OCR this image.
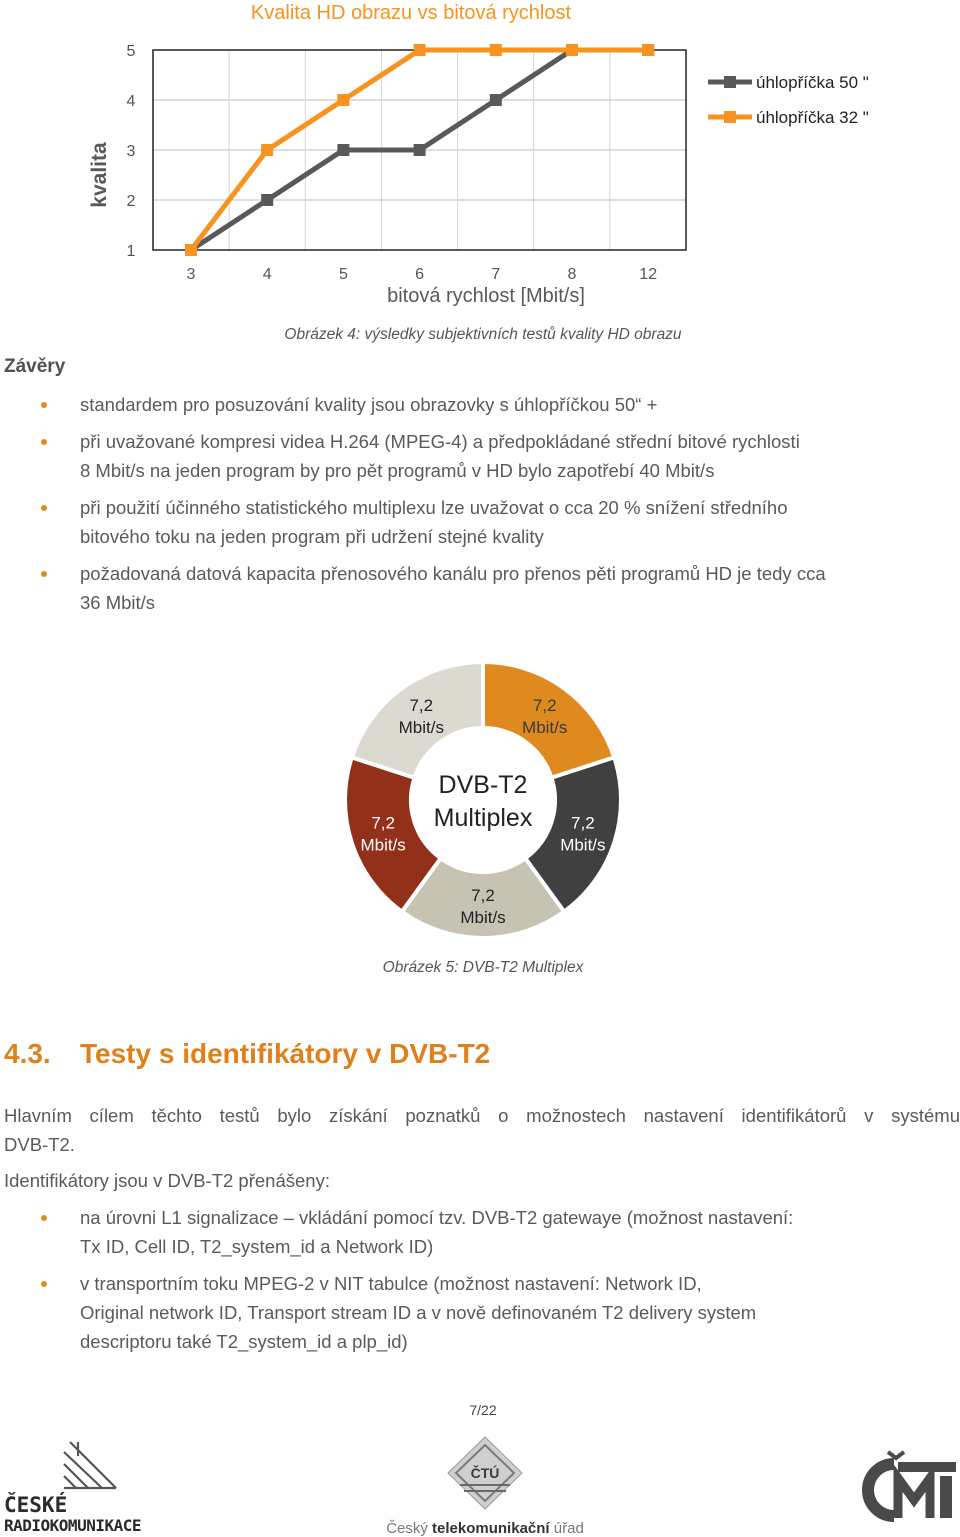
Kvalita HD obrazu vs bitová rychlost
kvalita
bitová rychlost [Mbit/s]
1
2
3
4
5
3	4	5	6	7	8	12
úhlopříčka 50 "
úhlopříčka 32 "
Obrázek 4: výsledky subjektivních testů kvality HD obrazu
Závěry
standardem pro posuzování kvality jsou obrazovky s úhlopříčkou 50“ +
při uvažované kompresi videa H.264 (MPEG-4) a předpokládané střední bitové rychlosti
8 Mbit/s na jeden program by pro pět programů v HD bylo zapotřebí 40 Mbit/s
při použití účinného statistického multiplexu lze uvažovat o cca 20 % snížení středního
bitového toku na jeden program při udržení stejné kvality
požadovaná datová kapacita přenosového kanálu pro přenos pěti programů HD je tedy cca
36 Mbit/s
7,2
Mbit/s
7,2
Mbit/s
7,2
Mbit/s
7,2
Mbit/s
7,2
Mbit/s
DVB-T2
Multiplex
Obrázek 5: DVB-T2 Multiplex
4.3. Testy s identifikátory v DVB-T2
Hlavním cílem těchto testů bylo získání poznatků o možnostech nastavení identifikátorů v systému
DVB-T2.
Identifikátory jsou v DVB-T2 přenášeny:
na úrovni L1 signalizace – vkládání pomocí tzv. DVB-T2 gatewaye (možnost nastavení:
Tx ID, Cell ID, T2_system_id a Network ID)
v transportním toku MPEG-2 v NIT tabulce (možnost nastavení: Network ID,
Original network ID, Transport stream ID a v nově definovaném T2 delivery system
descriptoru také T2_system_id a plp_id)
7/22
ČESKÉ
RADIOKOMUNIKACE
ČTÚ
Český telekomunikační úřad
ČMI
